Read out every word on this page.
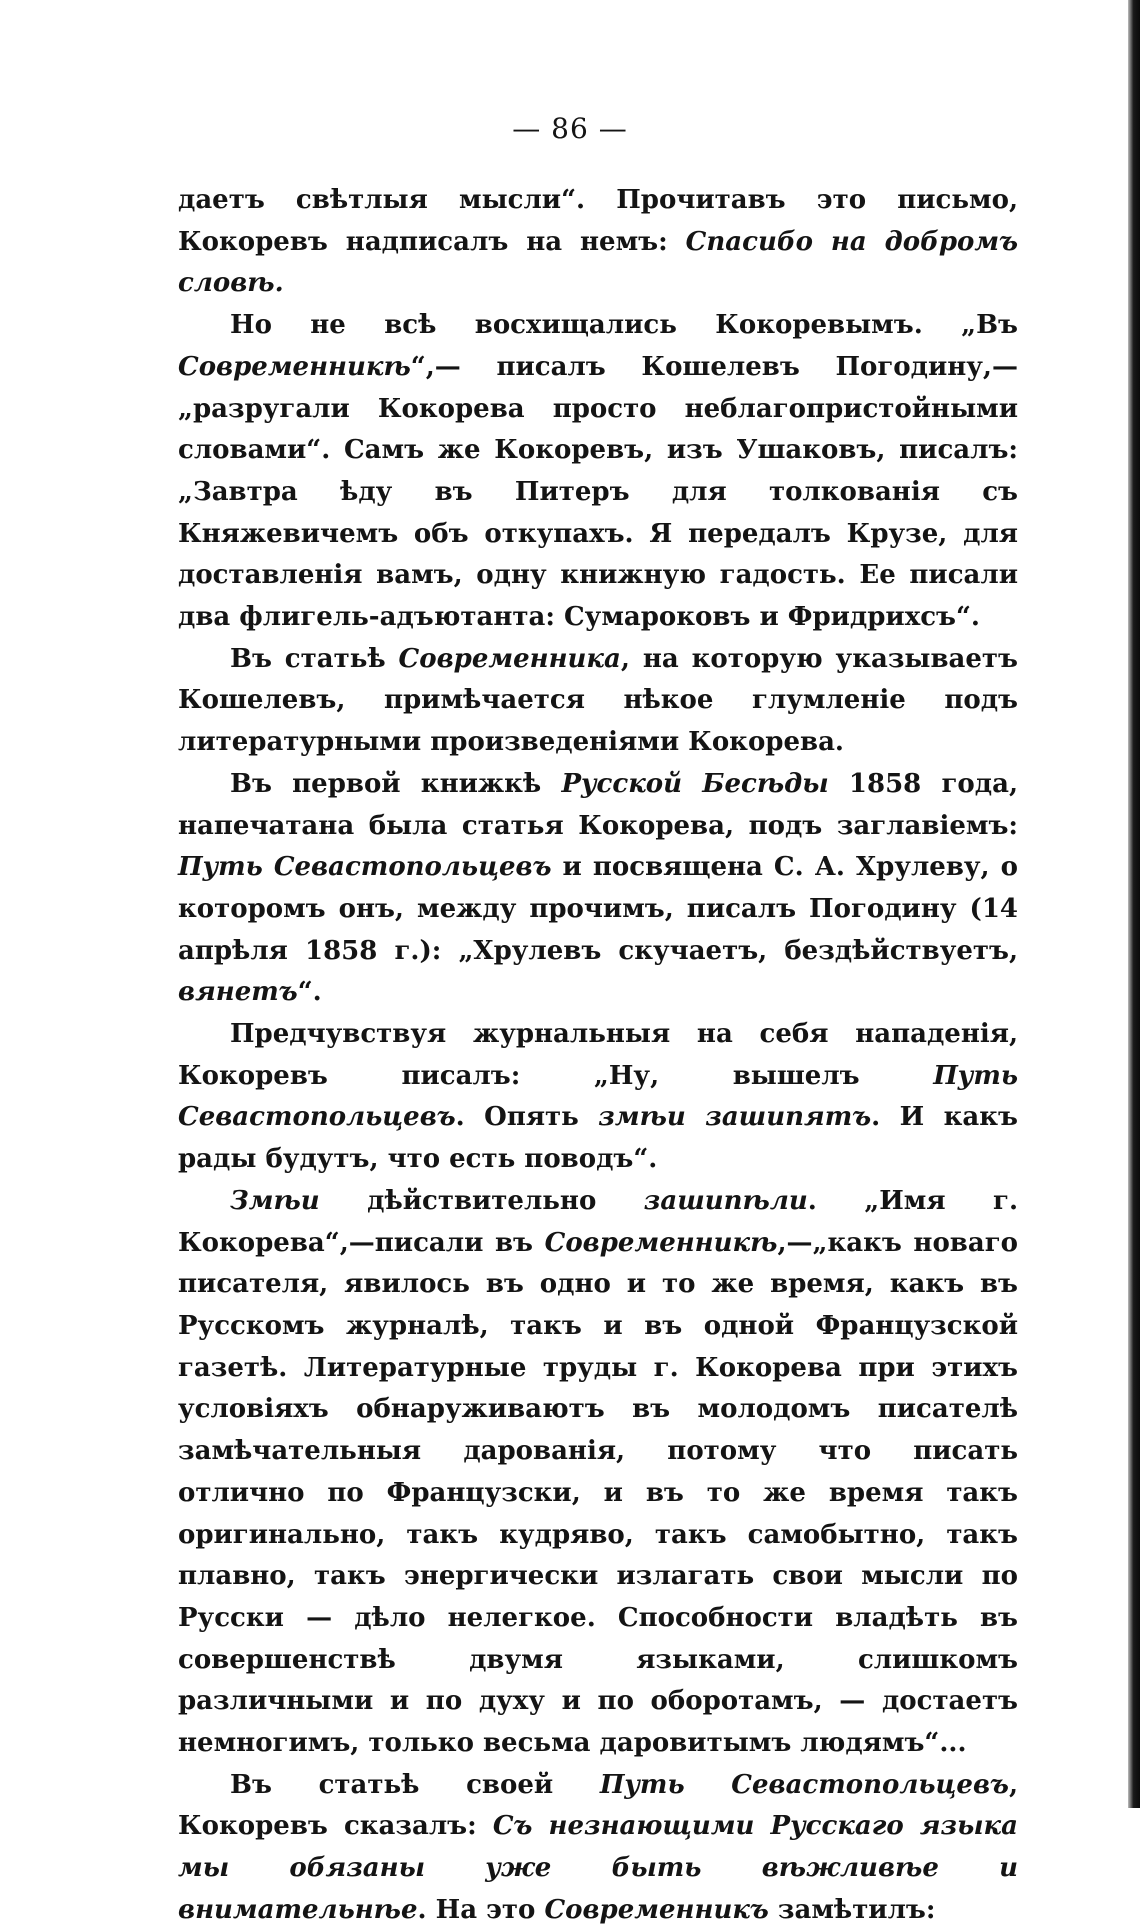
— 86 —

даетъ свѣтлыя мысли“. Прочитавъ это письмо, Кокоревъ надписалъ на немъ: Спасибо на добромъ словѣ.

Но не всѣ восхищались Кокоревымъ. „Въ Современникѣ“,— писалъ Кошелевъ Погодину,—„разругали Кокорева просто неблагопристойными словами“. Самъ же Кокоревъ, изъ Ушаковъ, писалъ: „Завтра ѣду въ Питеръ для толкованія съ Княжевичемъ объ откупахъ. Я передалъ Крузе, для доставленія вамъ, одну книжную гадость. Ее писали два флигель-адъютанта: Сумароковъ и Фридрихсъ“.

Въ статьѣ Современника, на которую указываетъ Кошелевъ, примѣчается нѣкое глумленіе подъ литературными произведеніями Кокорева.

Въ первой книжкѣ Русской Бесѣды 1858 года, напечатана была статья Кокорева, подъ заглавіемъ: Путь Севастопольцевъ и посвящена С. А. Хрулеву, о которомъ онъ, между прочимъ, писалъ Погодину (14 апрѣля 1858 г.): „Хрулевъ скучаетъ, бездѣйствуетъ, вянетъ“.

Предчувствуя журнальныя на себя нападенія, Кокоревъ писалъ: „Ну, вышелъ Путь Севастопольцевъ. Опять змѣи зашипятъ. И какъ рады будутъ, что есть поводъ“.

Змѣи дѣйствительно зашипѣли. „Имя г. Кокорева“,—писали въ Современникѣ,—„какъ новаго писателя, явилось въ одно и то же время, какъ въ Русскомъ журналѣ, такъ и въ одной Французской газетѣ. Литературные труды г. Кокорева при этихъ условіяхъ обнаруживаютъ въ молодомъ писателѣ замѣчательныя дарованія, потому что писать отлично по Французски, и въ то же время такъ оригинально, такъ кудряво, такъ самобытно, такъ плавно, такъ энергически излагать свои мысли по Русски — дѣло нелегкое. Способности владѣть въ совершенствѣ двумя языками, слишкомъ различными и по духу и по оборотамъ, — достаетъ немногимъ, только весьма даровитымъ людямъ“...

Въ статьѣ своей Путь Севастопольцевъ, Кокоревъ сказалъ: Съ незнающими Русскаго языка мы обязаны уже быть вѣжливѣе и внимательнѣе. На это Современникъ замѣтилъ:
